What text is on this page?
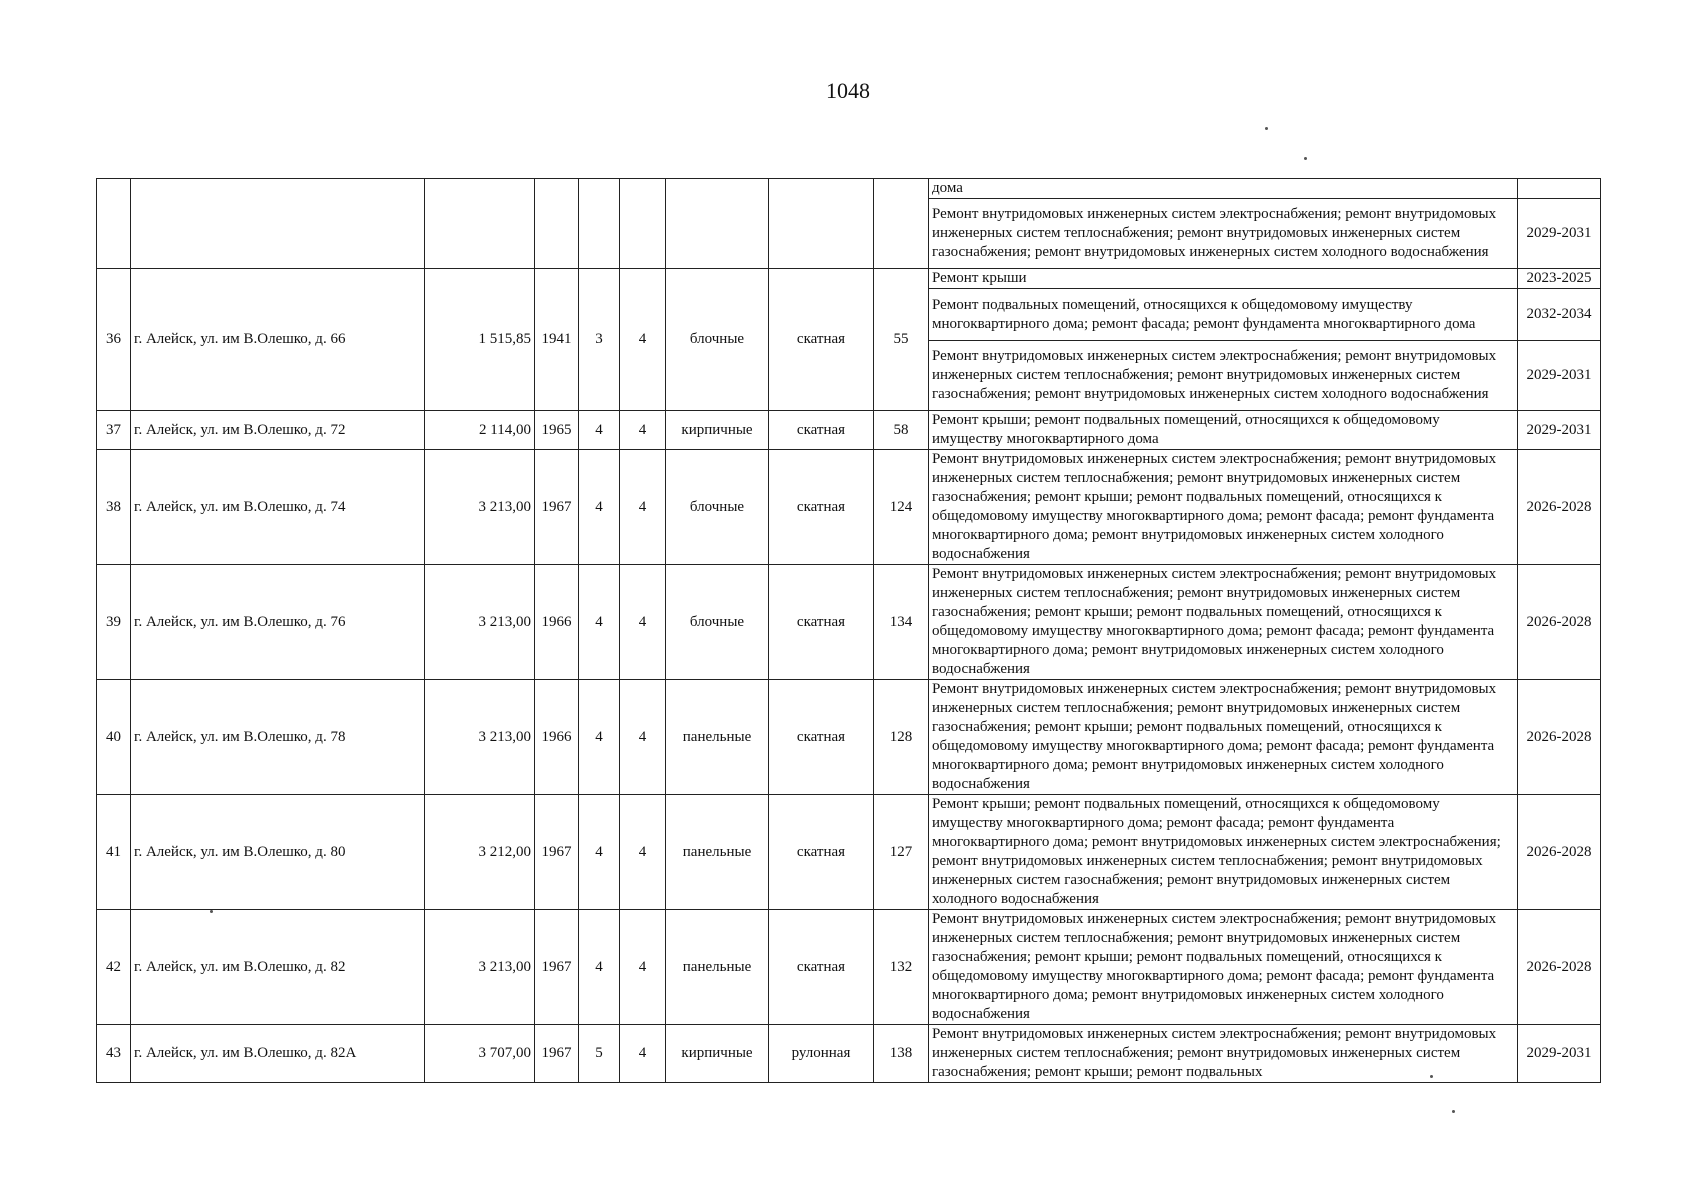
1048
									дома	
									Ремонт внутридомовых инженерных систем электроснабжения; ремонт внутридомовых инженерных систем теплоснабжения; ремонт внутридомовых инженерных систем газоснабжения; ремонт внутридомовых инженерных систем холодного водоснабжения	2029-2031
36	г. Алейск, ул. им В.Олешко, д. 66	1 515,85	1941	3	4	блочные	скатная	55	Ремонт крыши	2023-2025
									Ремонт подвальных помещений, относящихся к общедомовому имуществу многоквартирного дома; ремонт фасада; ремонт фундамента многоквартирного дома	2032-2034
									Ремонт внутридомовых инженерных систем электроснабжения; ремонт внутридомовых инженерных систем теплоснабжения; ремонт внутридомовых инженерных систем газоснабжения; ремонт внутридомовых инженерных систем холодного водоснабжения	2029-2031
37	г. Алейск, ул. им В.Олешко, д. 72	2 114,00	1965	4	4	кирпичные	скатная	58	Ремонт крыши; ремонт подвальных помещений, относящихся к общедомовому имуществу многоквартирного дома	2029-2031
38	г. Алейск, ул. им В.Олешко, д. 74	3 213,00	1967	4	4	блочные	скатная	124	Ремонт внутридомовых инженерных систем электроснабжения; ремонт внутридомовых инженерных систем теплоснабжения; ремонт внутридомовых инженерных систем газоснабжения; ремонт крыши; ремонт подвальных помещений, относящихся к общедомовому имуществу многоквартирного дома; ремонт фасада; ремонт фундамента многоквартирного дома; ремонт внутридомовых инженерных систем холодного водоснабжения	2026-2028
39	г. Алейск, ул. им В.Олешко, д. 76	3 213,00	1966	4	4	блочные	скатная	134	Ремонт внутридомовых инженерных систем электроснабжения; ремонт внутридомовых инженерных систем теплоснабжения; ремонт внутридомовых инженерных систем газоснабжения; ремонт крыши; ремонт подвальных помещений, относящихся к общедомовому имуществу многоквартирного дома; ремонт фасада; ремонт фундамента многоквартирного дома; ремонт внутридомовых инженерных систем холодного водоснабжения	2026-2028
40	г. Алейск, ул. им В.Олешко, д. 78	3 213,00	1966	4	4	панельные	скатная	128	Ремонт внутридомовых инженерных систем электроснабжения; ремонт внутридомовых инженерных систем теплоснабжения; ремонт внутридомовых инженерных систем газоснабжения; ремонт крыши; ремонт подвальных помещений, относящихся к общедомовому имуществу многоквартирного дома; ремонт фасада; ремонт фундамента многоквартирного дома; ремонт внутридомовых инженерных систем холодного водоснабжения	2026-2028
41	г. Алейск, ул. им В.Олешко, д. 80	3 212,00	1967	4	4	панельные	скатная	127	Ремонт крыши; ремонт подвальных помещений, относящихся к общедомовому имуществу многоквартирного дома; ремонт фасада; ремонт фундамента многоквартирного дома; ремонт внутридомовых инженерных систем электроснабжения; ремонт внутридомовых инженерных систем теплоснабжения; ремонт внутридомовых инженерных систем газоснабжения; ремонт внутридомовых инженерных систем холодного водоснабжения	2026-2028
42	г. Алейск, ул. им В.Олешко, д. 82	3 213,00	1967	4	4	панельные	скатная	132	Ремонт внутридомовых инженерных систем электроснабжения; ремонт внутридомовых инженерных систем теплоснабжения; ремонт внутридомовых инженерных систем газоснабжения; ремонт крыши; ремонт подвальных помещений, относящихся к общедомовому имуществу многоквартирного дома; ремонт фасада; ремонт фундамента многоквартирного дома; ремонт внутридомовых инженерных систем холодного водоснабжения	2026-2028
43	г. Алейск, ул. им В.Олешко, д. 82А	3 707,00	1967	5	4	кирпичные	рулонная	138	Ремонт внутридомовых инженерных систем электроснабжения; ремонт внутридомовых инженерных систем теплоснабжения; ремонт внутридомовых инженерных систем газоснабжения; ремонт крыши; ремонт подвальных	2029-2031
